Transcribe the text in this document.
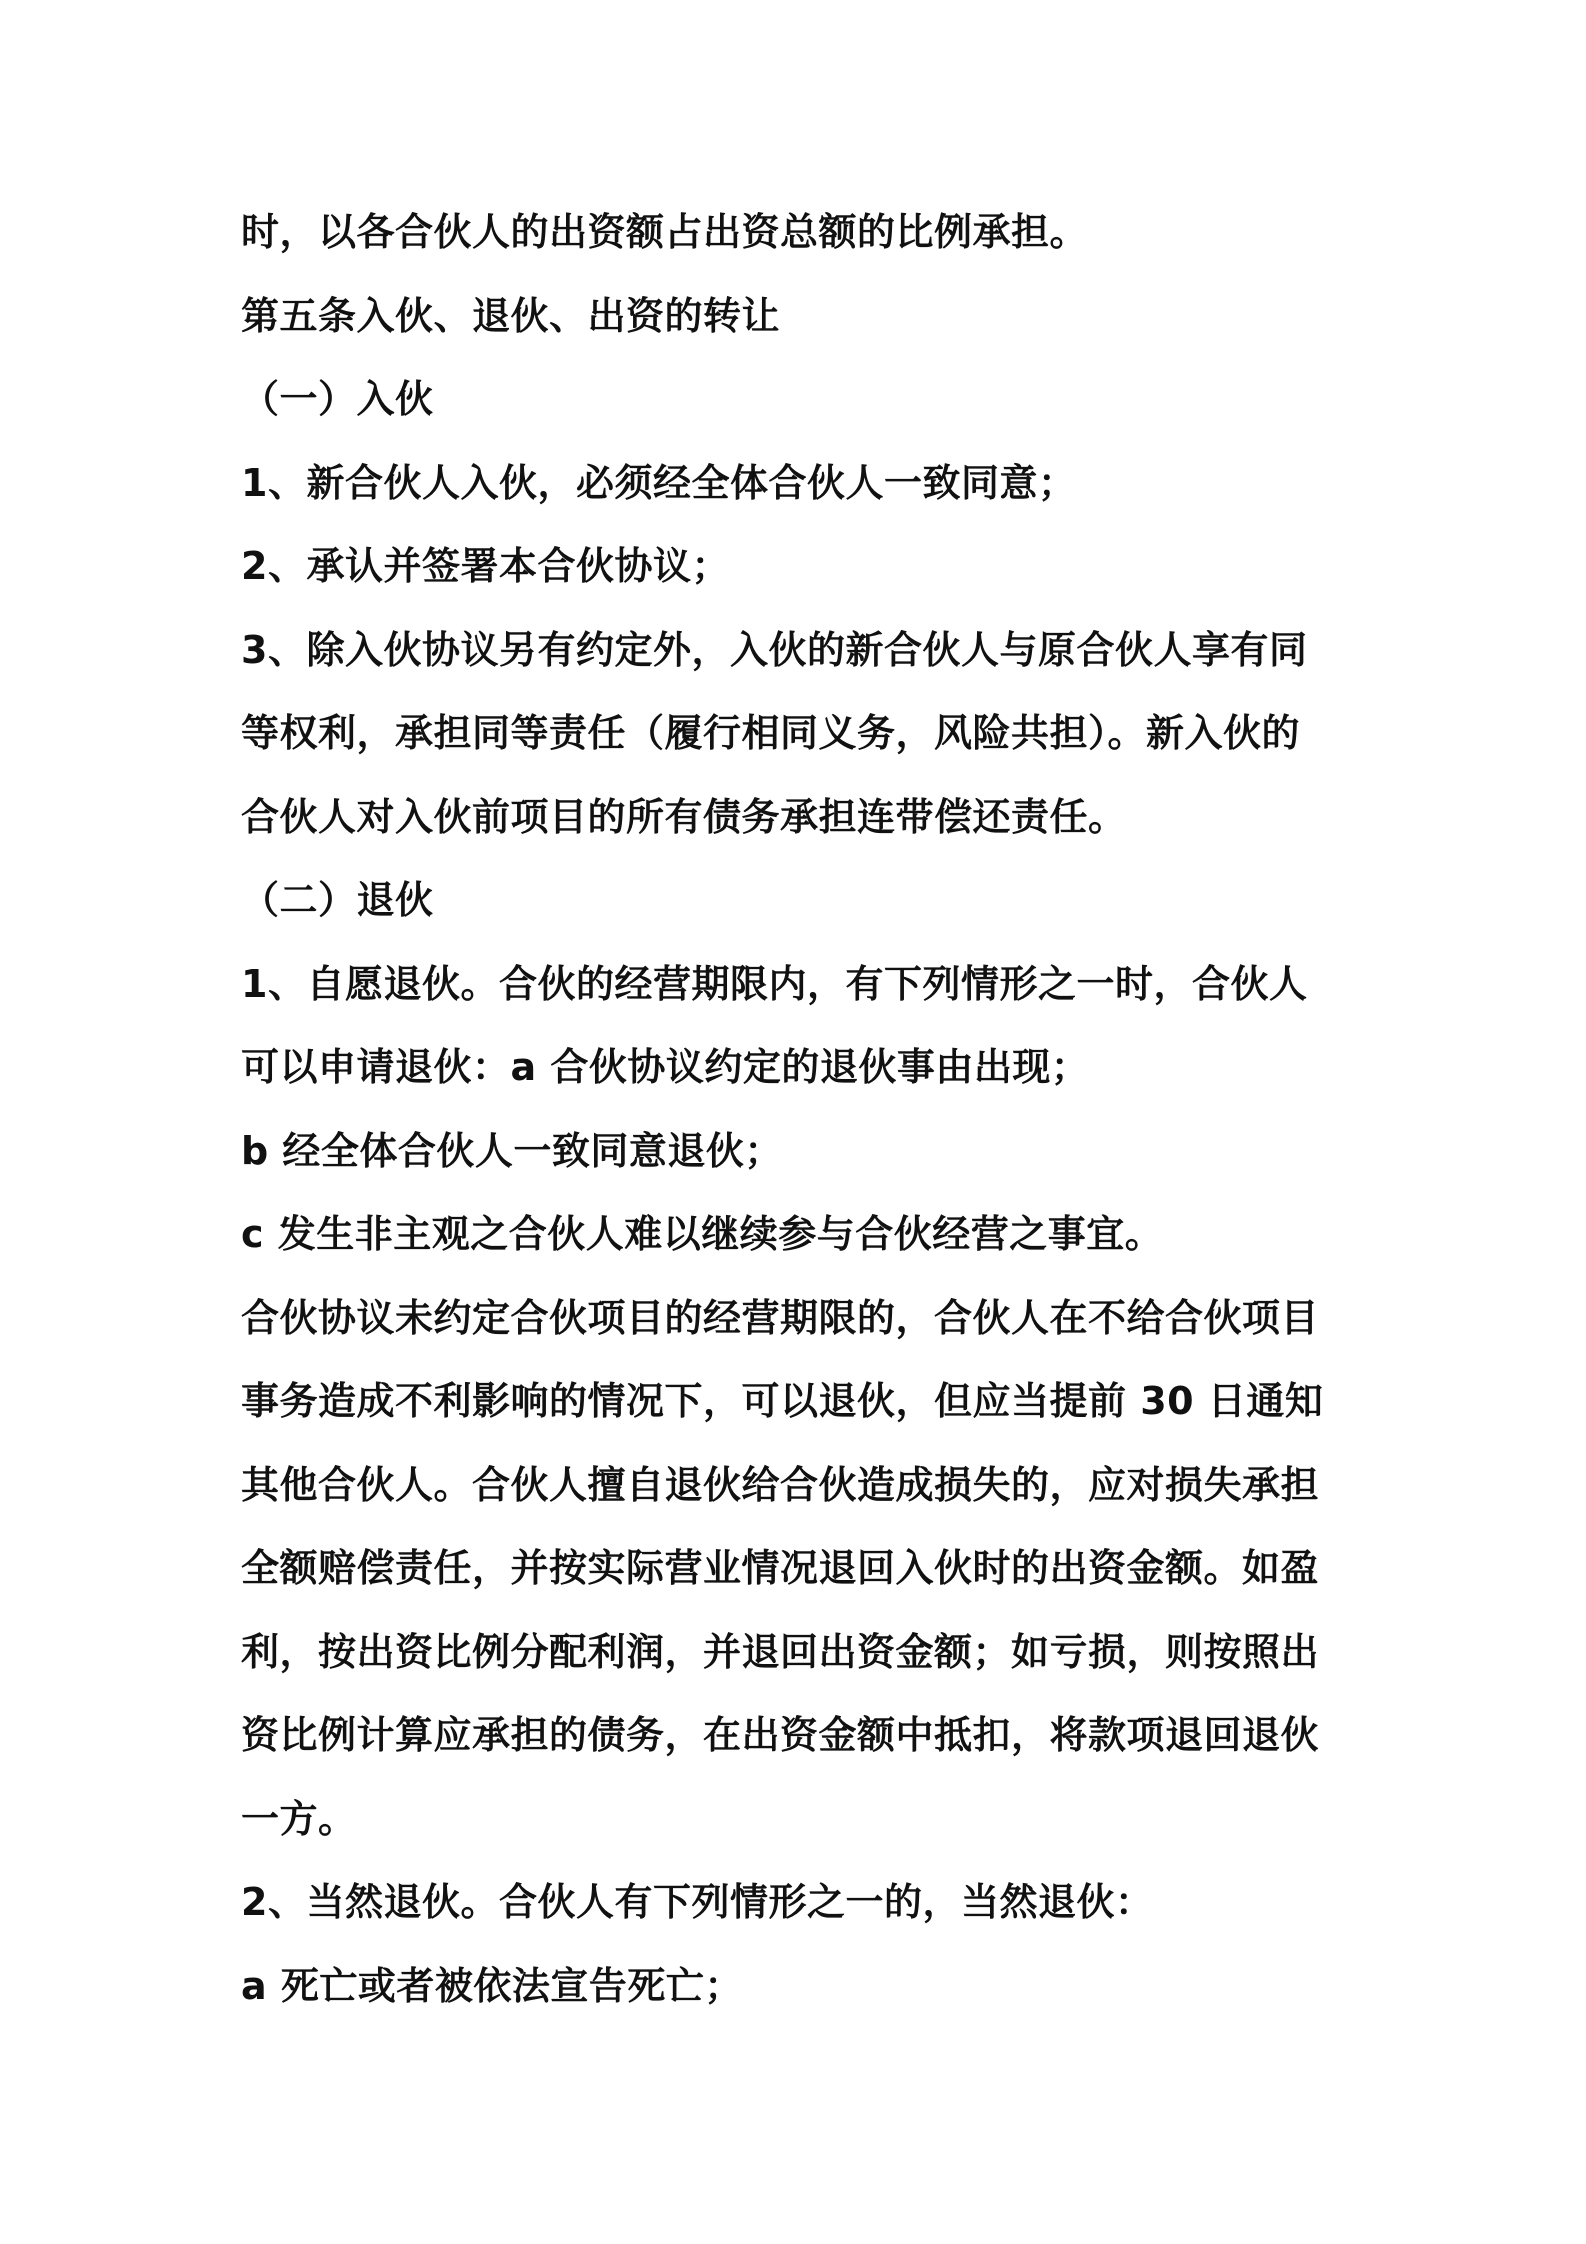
时，以各合伙人的出资额占出资总额的比例承担。
第五条入伙、退伙、出资的转让
（一）入伙
1、新合伙人入伙，必须经全体合伙人一致同意；
2、承认并签署本合伙协议；
3、除入伙协议另有约定外，入伙的新合伙人与原合伙人享有同
等权利，承担同等责任（履行相同义务，风险共担）。新入伙的
合伙人对入伙前项目的所有债务承担连带偿还责任。
（二）退伙
1、自愿退伙。合伙的经营期限内，有下列情形之一时，合伙人
可以申请退伙：a 合伙协议约定的退伙事由出现；
b 经全体合伙人一致同意退伙；
c 发生非主观之合伙人难以继续参与合伙经营之事宜。
合伙协议未约定合伙项目的经营期限的，合伙人在不给合伙项目
事务造成不利影响的情况下，可以退伙，但应当提前 30 日通知
其他合伙人。合伙人擅自退伙给合伙造成损失的，应对损失承担
全额赔偿责任，并按实际营业情况退回入伙时的出资金额。如盈
利，按出资比例分配利润，并退回出资金额；如亏损，则按照出
资比例计算应承担的债务，在出资金额中抵扣，将款项退回退伙
一方。
2、当然退伙。合伙人有下列情形之一的，当然退伙：
a 死亡或者被依法宣告死亡；
